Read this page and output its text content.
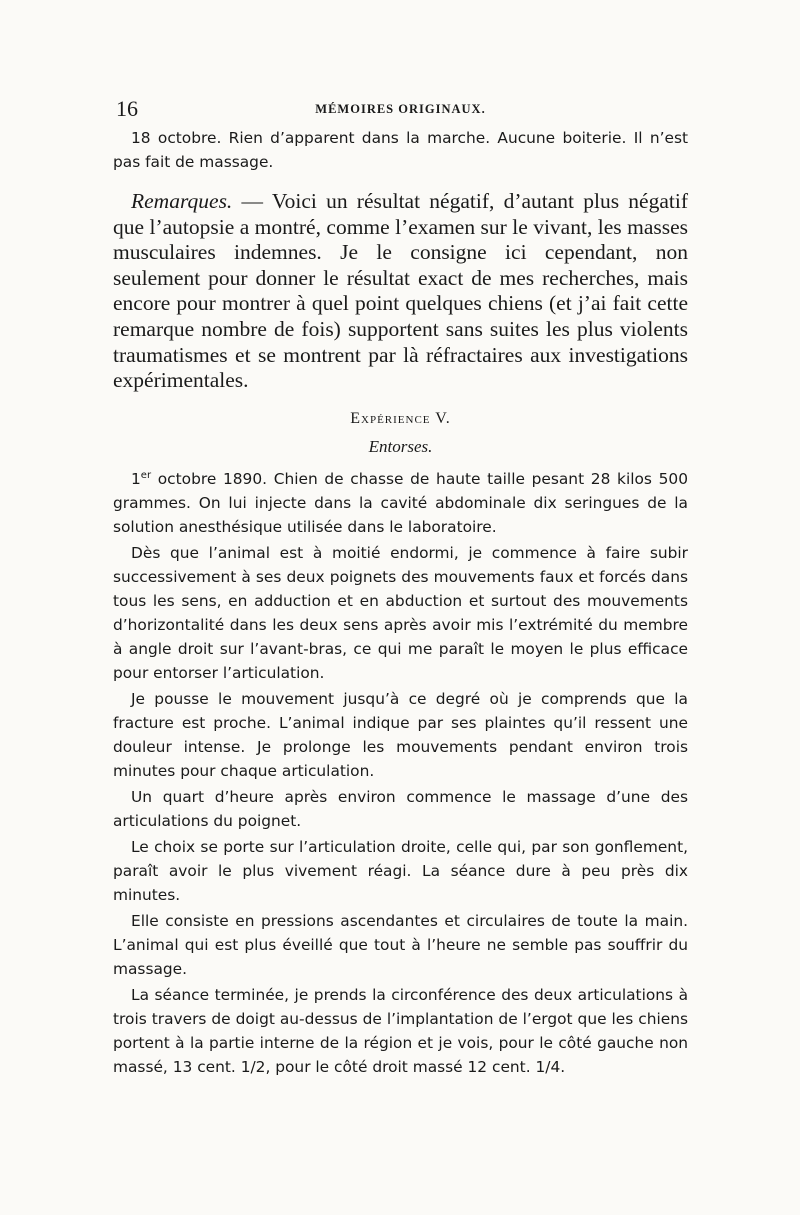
16	MÉMOIRES ORIGINAUX.

18 octobre. Rien d’apparent dans la marche. Aucune boiterie. Il n’est pas fait de massage.

Remarques. — Voici un résultat négatif, d’autant plus négatif que l’autopsie a montré, comme l’examen sur le vivant, les masses musculaires indemnes. Je le consigne ici cependant, non seulement pour donner le résultat exact de mes recherches, mais encore pour montrer à quel point quelques chiens (et j’ai fait cette remarque nombre de fois) supportent sans suites les plus violents traumatismes et se montrent par là réfractaires aux investigations expérimentales.

Expérience V.
Entorses.

1er octobre 1890. Chien de chasse de haute taille pesant 28 kilos 500 grammes. On lui injecte dans la cavité abdominale dix seringues de la solution anesthésique utilisée dans le laboratoire.

Dès que l’animal est à moitié endormi, je commence à faire subir successivement à ses deux poignets des mouvements faux et forcés dans tous les sens, en adduction et en abduction et surtout des mouvements d’horizontalité dans les deux sens après avoir mis l’extrémité du membre à angle droit sur l’avant-bras, ce qui me paraît le moyen le plus efficace pour entorser l’articulation.

Je pousse le mouvement jusqu’à ce degré où je comprends que la fracture est proche. L’animal indique par ses plaintes qu’il ressent une douleur intense. Je prolonge les mouvements pendant environ trois minutes pour chaque articulation.

Un quart d’heure après environ commence le massage d’une des articulations du poignet.

Le choix se porte sur l’articulation droite, celle qui, par son gonflement, paraît avoir le plus vivement réagi. La séance dure à peu près dix minutes.

Elle consiste en pressions ascendantes et circulaires de toute la main. L’animal qui est plus éveillé que tout à l’heure ne semble pas souffrir du massage.

La séance terminée, je prends la circonférence des deux articulations à trois travers de doigt au-dessus de l’implantation de l’ergot que les chiens portent à la partie interne de la région et je vois, pour le côté gauche non massé, 13 cent. 1/2, pour le côté droit massé 12 cent. 1/4.
